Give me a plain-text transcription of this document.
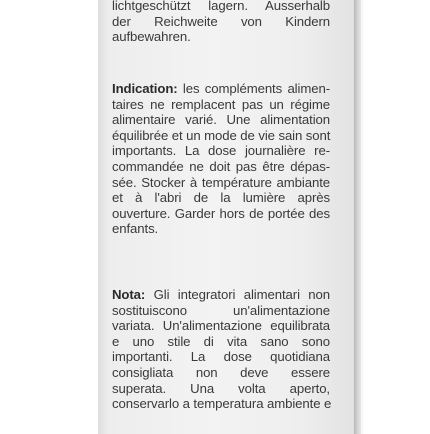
lichtgeschützt lagern. Ausserhalb
der Reichweite von Kindern
aufbewahren.
Indication: les compléments alimen-
taires ne remplacent pas un régime
alimentaire varié. Une alimentation
équilibrée et un mode de vie sain sont
importants. La dose journalière re-
commandée ne doit pas être dépas-
sée. Stocker à température ambiante
et à l'abri de la lumière après
ouverture. Garder hors de portée des
enfants.
Nota: Gli integratori alimentari non
sostituiscono un'alimentazione
variata. Un'alimentazione equilibrata
e uno stile di vita sano sono
importanti. La dose quotidiana
consigliata non deve essere
superata. Una volta aperto,
conservarlo a temperatura ambiente e
